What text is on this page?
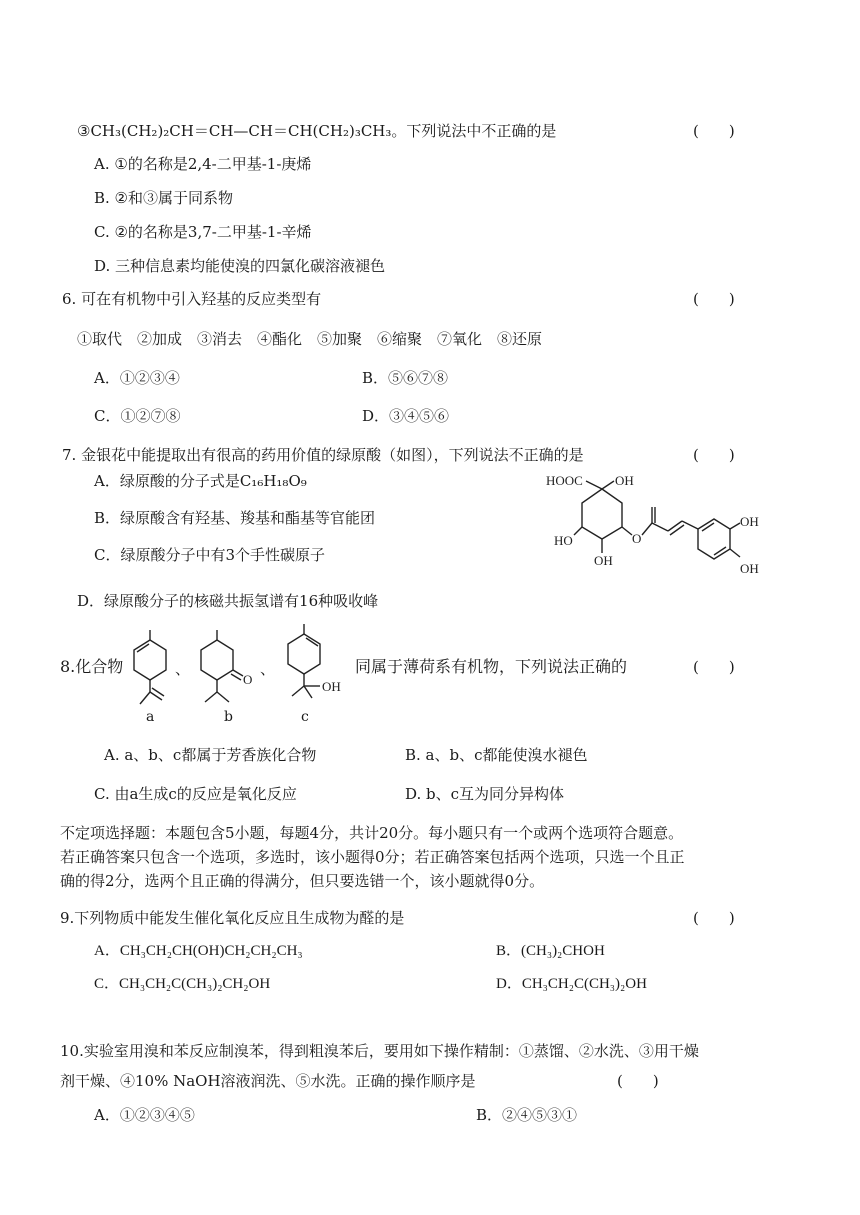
③CH₃(CH₂)₂CH＝CH—CH＝CH(CH₂)₃CH₃。下列说法中不正确的是	(　　)
A. ①的名称是2,4-二甲基-1-庚烯
B. ②和③属于同系物
C. ②的名称是3,7-二甲基-1-辛烯
D. 三种信息素均能使溴的四氯化碳溶液褪色
6. 可在有机物中引入羟基的反应类型有	(　　)
①取代　②加成　③消去　④酯化　⑤加聚　⑥缩聚　⑦氧化　⑧还原
A．①②③④	B．⑤⑥⑦⑧
C．①②⑦⑧	D．③④⑤⑥
7. 金银花中能提取出有很高的药用价值的绿原酸（如图），下列说法不正确的是	(　　)
A．绿原酸的分子式是C₁₆H₁₈O₉
B．绿原酸含有羟基、羧基和酯基等官能团
C．绿原酸分子中有3个手性碳原子
D．绿原酸分子的核磁共振氢谱有16种吸收峰
HOOC OH
HO
OH
O
OH
OH
8.化合物	、
O
、
OH
同属于薄荷系有机物，下列说法正确的	(　　)
a	b	c
A. a、b、c都属于芳香族化合物	B. a、b、c都能使溴水褪色
C. 由a生成c的反应是氧化反应	D. b、c互为同分异构体
不定项选择题：本题包含5小题，每题4分，共计20分。每小题只有一个或两个选项符合题意。
若正确答案只包含一个选项，多选时，该小题得0分；若正确答案包括两个选项，只选一个且正
确的得2分，选两个且正确的得满分，但只要选错一个，该小题就得0分。
9.下列物质中能发生催化氧化反应且生成物为醛的是	(　　)
A．CH₃CH₂CH(OH)CH₂CH₂CH₃	B．(CH₃)₂CHOH
C．CH₃CH₂C(CH₃)₂CH₂OH	D．CH₃CH₂C(CH₃)₂OH
10.实验室用溴和苯反应制溴苯，得到粗溴苯后，要用如下操作精制：①蒸馏、②水洗、③用干燥
剂干燥、④10% NaOH溶液润洗、⑤水洗。正确的操作顺序是	(　　)
A．①②③④⑤	B．②④⑤③①
